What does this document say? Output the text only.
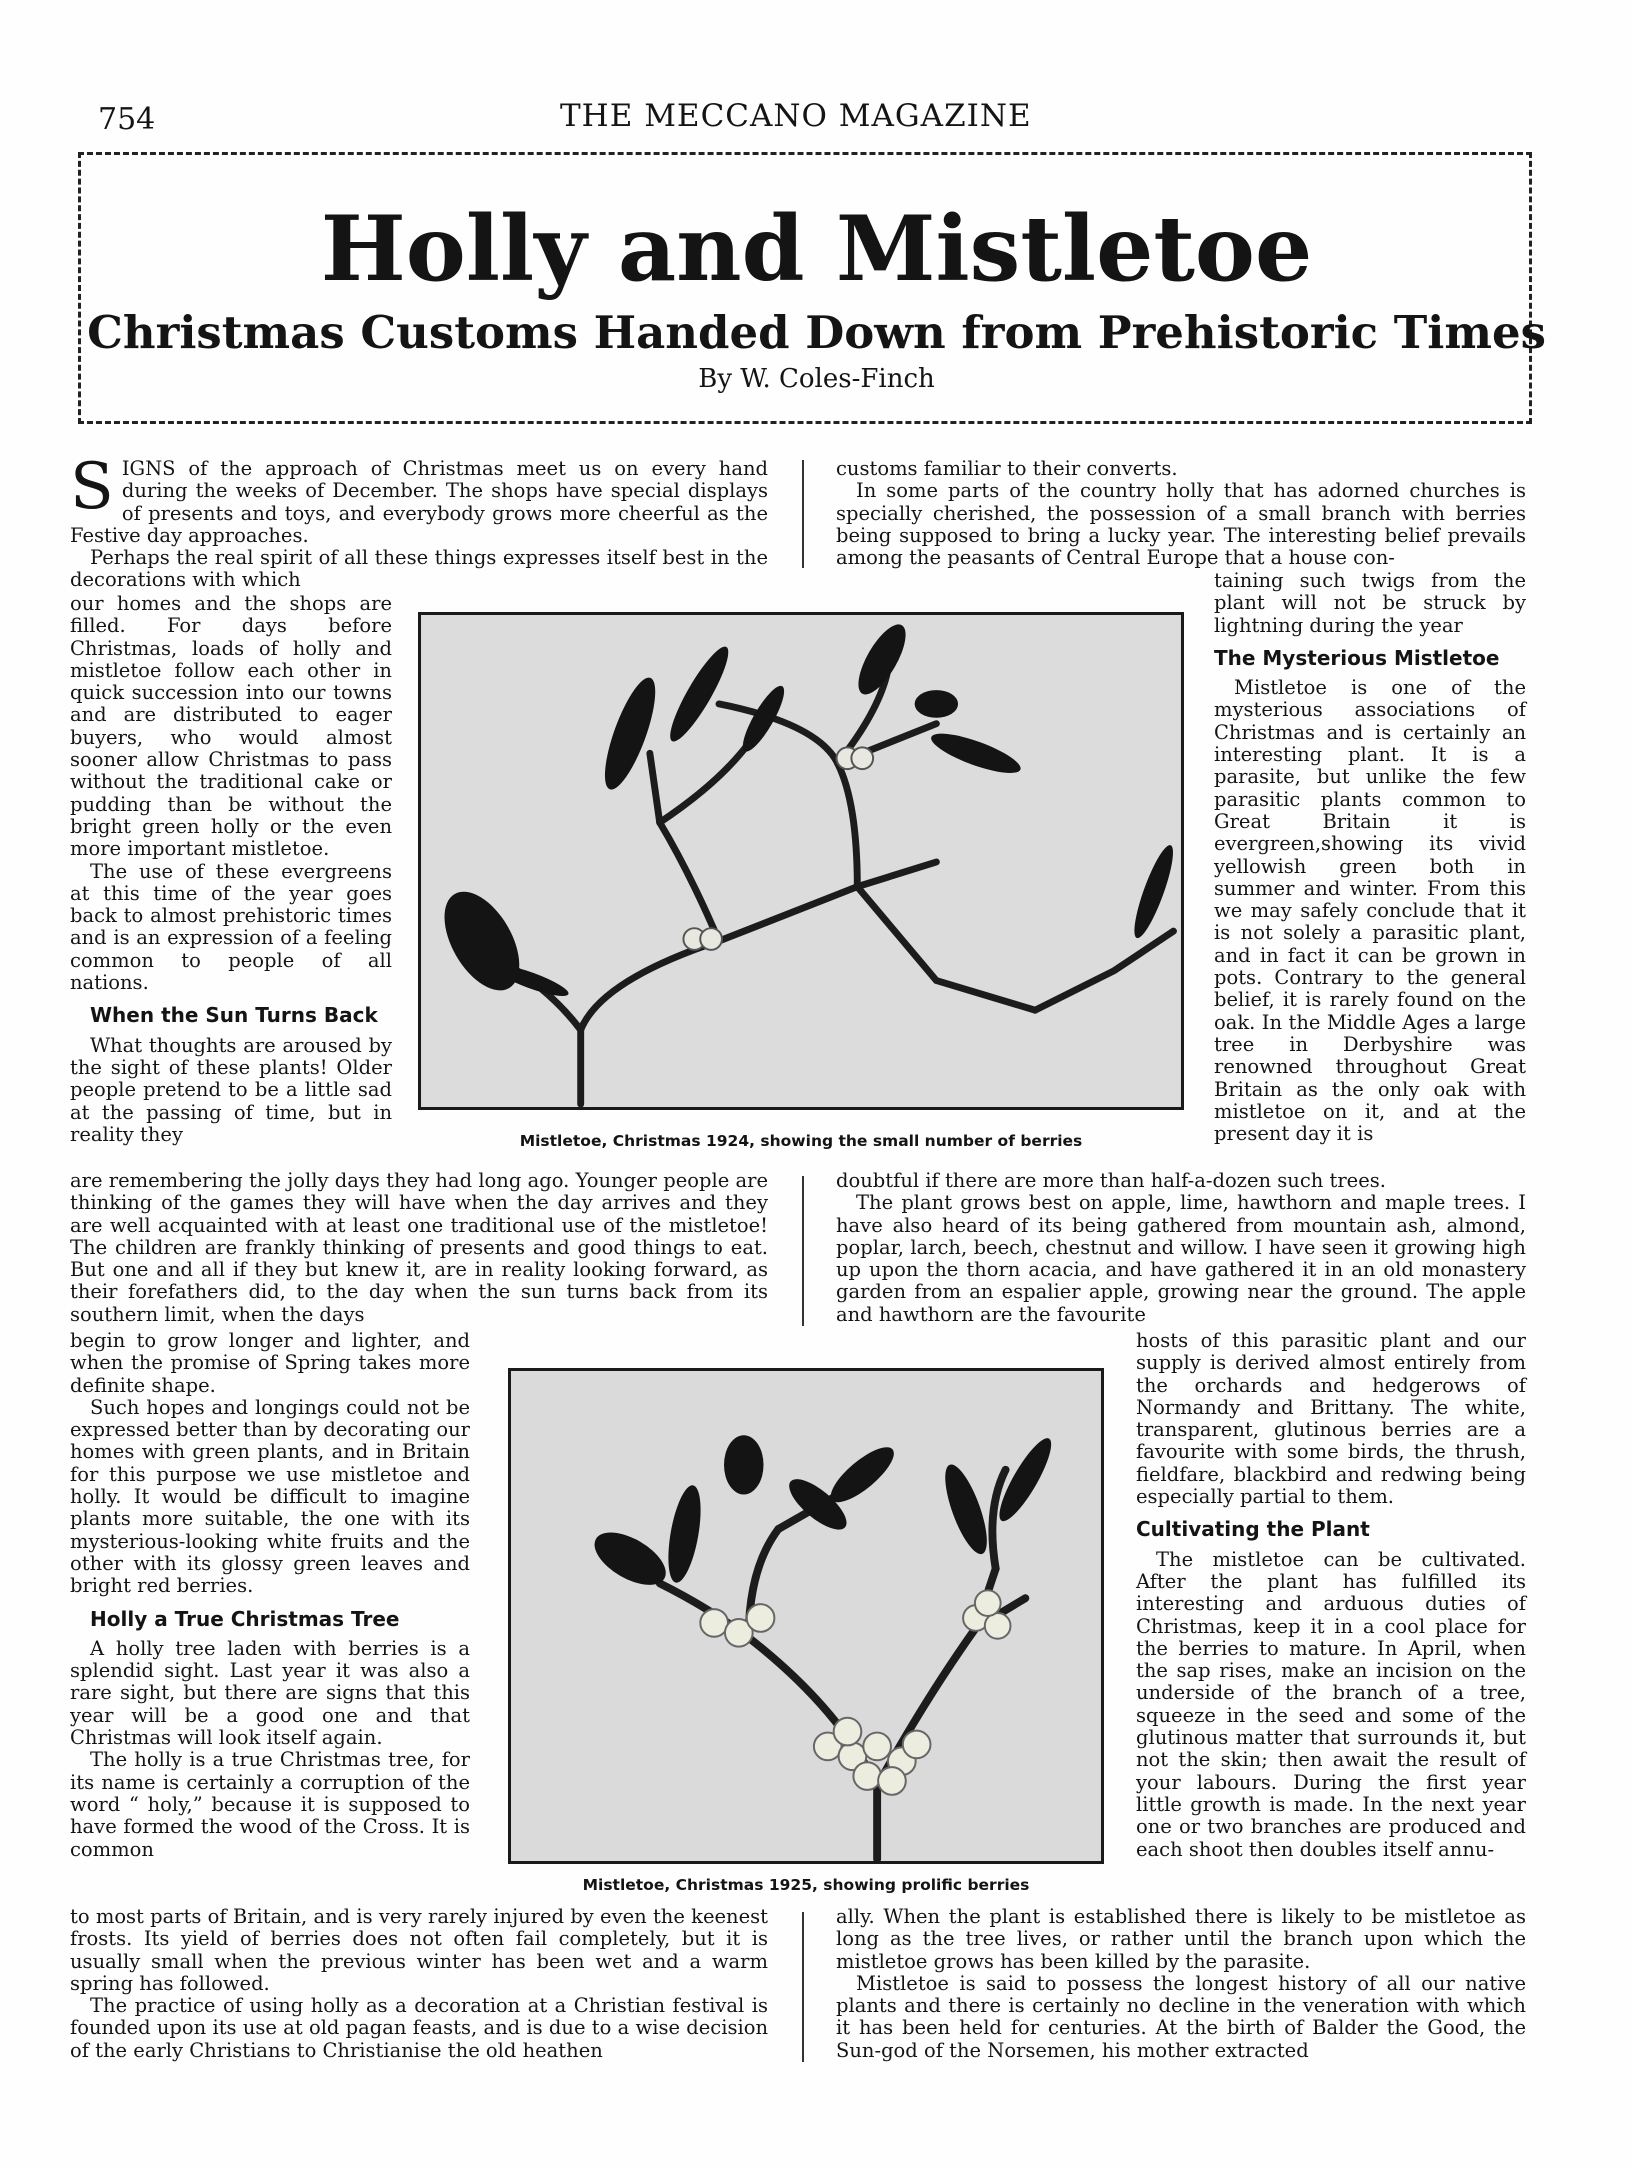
754	THE MECCANO MAGAZINE
Holly and Mistletoe
Christmas Customs Handed Down from Prehistoric Times
By W. Coles-Finch

SIGNS of the approach of Christmas meet us on every hand during the weeks of December. The shops have special displays of presents and toys, and everybody grows more cheerful as the Festive day approaches.

Perhaps the real spirit of all these things expresses itself best in the decorations with which

our homes and the shops are filled. For days before Christmas, loads of holly and mistletoe follow each other in quick succession into our towns and are distributed to eager buyers, who would almost sooner allow Christmas to pass without the traditional cake or pudding than be without the bright green holly or the even more important mistletoe.

The use of these evergreens at this time of the year goes back to almost prehistoric times and is an expression of a feeling common to people of all nations.

When the Sun Turns Back

What thoughts are aroused by the sight of these plants! Older people pretend to be a little sad at the passing of time, but in reality they

customs familiar to their converts.

In some parts of the country holly that has adorned churches is specially cherished, the possession of a small branch with berries being supposed to bring a lucky year. The interesting belief prevails among the peasants of Central Europe that a house con-

taining such twigs from the plant will not be struck by lightning during the year

The Mysterious Mistletoe

Mistletoe is one of the mysterious associations of Christmas and is certainly an interesting plant. It is a parasite, but unlike the few parasitic plants common to Great Britain it is evergreen,showing its vivid yellowish green both in summer and winter. From this we may safely conclude that it is not solely a parasitic plant, and in fact it can be grown in pots. Contrary to the general belief, it is rarely found on the oak. In the Middle Ages a large tree in Derbyshire was renowned throughout Great Britain as the only oak with mistletoe on it, and at the present day it is

Mistletoe, Christmas 1924, showing the small number of berries

are remembering the jolly days they had long ago. Younger people are thinking of the games they will have when the day arrives and they are well acquainted with at least one traditional use of the mistletoe! The children are frankly thinking of presents and good things to eat. But one and all if they but knew it, are in reality looking forward, as their forefathers did, to the day when the sun turns back from its southern limit, when the days

doubtful if there are more than half-a-dozen such trees.

The plant grows best on apple, lime, hawthorn and maple trees. I have also heard of its being gathered from mountain ash, almond, poplar, larch, beech, chestnut and willow. I have seen it growing high up upon the thorn acacia, and have gathered it in an old monastery garden from an espalier apple, growing near the ground. The apple and hawthorn are the favourite

begin to grow longer and lighter, and when the promise of Spring takes more definite shape.

Such hopes and longings could not be expressed better than by decorating our homes with green plants, and in Britain for this purpose we use mistletoe and holly. It would be difficult to imagine plants more suitable, the one with its mysterious-looking white fruits and the other with its glossy green leaves and bright red berries.

Holly a True Christmas Tree

A holly tree laden with berries is a splendid sight. Last year it was also a rare sight, but there are signs that this year will be a good one and that Christmas will look itself again.

The holly is a true Christmas tree, for its name is certainly a corruption of the word “ holy,” because it is supposed to have formed the wood of the Cross. It is common

Mistletoe, Christmas 1925, showing prolific berries

hosts of this parasitic plant and our supply is derived almost entirely from the orchards and hedgerows of Normandy and Brittany. The white, transparent, glutinous berries are a favourite with some birds, the thrush, fieldfare, blackbird and redwing being especially partial to them.

Cultivating the Plant

The mistletoe can be cultivated. After the plant has fulfilled its interesting and arduous duties of Christmas, keep it in a cool place for the berries to mature. In April, when the sap rises, make an incision on the underside of the branch of a tree, squeeze in the seed and some of the glutinous matter that surrounds it, but not the skin; then await the result of your labours. During the first year little growth is made. In the next year one or two branches are produced and each shoot then doubles itself annu-

to most parts of Britain, and is very rarely injured by even the keenest frosts. Its yield of berries does not often fail completely, but it is usually small when the previous winter has been wet and a warm spring has followed.

The practice of using holly as a decoration at a Christian festival is founded upon its use at old pagan feasts, and is due to a wise decision of the early Christians to Christianise the old heathen

ally. When the plant is established there is likely to be mistletoe as long as the tree lives, or rather until the branch upon which the mistletoe grows has been killed by the parasite.

Mistletoe is said to possess the longest history of all our native plants and there is certainly no decline in the veneration with which it has been held for centuries. At the birth of Balder the Good, the Sun-god of the Norsemen, his mother extracted
